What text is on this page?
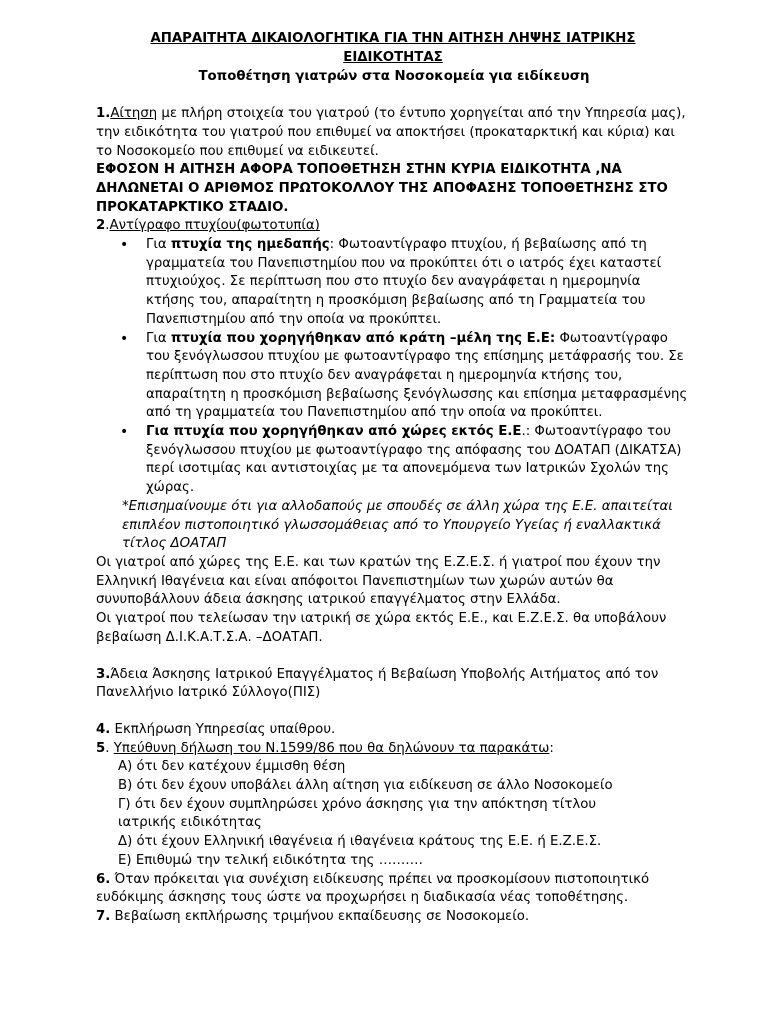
ΑΠΑΡΑΙΤΗΤΑ ΔΙΚΑΙΟΛΟΓΗΤΙΚΑ ΓΙΑ ΤΗΝ ΑΙΤΗΣΗ ΛΗΨΗΣ ΙΑΤΡΙΚΗΣ
ΕΙΔΙΚΟΤΗΤΑΣ
Τοποθέτηση γιατρών στα Νοσοκομεία για ειδίκευση

1.Αίτηση με πλήρη στοιχεία του γιατρού (το έντυπο χορηγείται από την Υπηρεσία μας), την ειδικότητα του γιατρού που επιθυμεί να αποκτήσει (προκαταρκτική και κύρια) και το Νοσοκομείο που επιθυμεί να ειδικευτεί.

ΕΦΟΣΟΝ Η ΑΙΤΗΣΗ ΑΦΟΡΑ ΤΟΠΟΘΕΤΗΣΗ ΣΤΗΝ ΚΥΡΙΑ ΕΙΔΙΚΟΤΗΤΑ ,ΝΑ ΔΗΛΩΝΕΤΑΙ Ο ΑΡΙΘΜΟΣ ΠΡΩΤΟΚΟΛΛΟΥ ΤΗΣ ΑΠΟΦΑΣΗΣ ΤΟΠΟΘΕΤΗΣΗΣ ΣΤΟ ΠΡΟΚΑΤΑΡΚΤΙΚΟ ΣΤΑΔΙΟ.

2.Αντίγραφο πτυχίου(φωτοτυπία)

• Για πτυχία της ημεδαπής: Φωτοαντίγραφο πτυχίου, ή βεβαίωσης από τη γραμματεία του Πανεπιστημίου που να προκύπτει ότι ο ιατρός έχει καταστεί πτυχιούχος. Σε περίπτωση που στο πτυχίο δεν αναγράφεται η ημερομηνία κτήσης του, απαραίτητη η προσκόμιση βεβαίωσης από τη Γραμματεία του Πανεπιστημίου από την οποία να προκύπτει.
• Για πτυχία που χορηγήθηκαν από κράτη –μέλη της Ε.Ε: Φωτοαντίγραφο του ξενόγλωσσου πτυχίου με φωτοαντίγραφο της επίσημης μετάφρασής του. Σε περίπτωση που στο πτυχίο δεν αναγράφεται η ημερομηνία κτήσης του, απαραίτητη η προσκόμιση βεβαίωσης ξενόγλωσσης και επίσημα μεταφρασμένης από τη γραμματεία του Πανεπιστημίου από την οποία να προκύπτει.
• Για πτυχία που χορηγήθηκαν από χώρες εκτός Ε.Ε.: Φωτοαντίγραφο του ξενόγλωσσου πτυχίου με φωτοαντίγραφο της απόφασης του ΔΟΑΤΑΠ (ΔΙΚΑΤΣΑ) περί ισοτιμίας και αντιστοιχίας με τα απονεμόμενα των Ιατρικών Σχολών της χώρας.

*Επισημαίνουμε ότι για αλλοδαπούς με σπουδές σε άλλη χώρα της Ε.Ε. απαιτείται επιπλέον πιστοποιητικό γλωσσομάθειας από το Υπουργείο Υγείας ή εναλλακτικά τίτλος ΔΟΑΤΑΠ

Οι γιατροί από χώρες της Ε.Ε. και των κρατών της Ε.Ζ.Ε.Σ. ή γιατροί που έχουν την Ελληνική Ιθαγένεια και είναι απόφοιτοι Πανεπιστημίων των χωρών αυτών θα συνυποβάλλουν άδεια άσκησης ιατρικού επαγγέλματος στην Ελλάδα.

Οι γιατροί που τελείωσαν την ιατρική σε χώρα εκτός Ε.Ε., και Ε.Ζ.Ε.Σ. θα υποβάλουν βεβαίωση Δ.Ι.Κ.Α.Τ.Σ.Α. –ΔΟΑΤΑΠ.

3.Άδεια Άσκησης Ιατρικού Επαγγέλματος ή Βεβαίωση Υποβολής Αιτήματος από τον Πανελλήνιο Ιατρικό Σύλλογο(ΠΙΣ)

4. Εκπλήρωση Υπηρεσίας υπαίθρου.

5. Υπεύθυνη δήλωση του Ν.1599/86 που θα δηλώνουν τα παρακάτω:

Α) ότι δεν κατέχουν έμμισθη θέση
Β) ότι δεν έχουν υποβάλει άλλη αίτηση για ειδίκευση σε άλλο Νοσοκομείο
Γ) ότι δεν έχουν συμπληρώσει χρόνο άσκησης για την απόκτηση τίτλου
ιατρικής ειδικότητας
Δ) ότι έχουν Ελληνική ιθαγένεια ή ιθαγένεια κράτους της Ε.Ε. ή Ε.Ζ.Ε.Σ.
Ε) Επιθυμώ την τελική ειδικότητα της ……….

6. Όταν πρόκειται για συνέχιση ειδίκευσης πρέπει να προσκομίσουν πιστοποιητικό ευδόκιμης άσκησης τους ώστε να προχωρήσει η διαδικασία νέας τοποθέτησης.

7. Βεβαίωση εκπλήρωσης τριμήνου εκπαίδευσης σε Νοσοκομείο.
